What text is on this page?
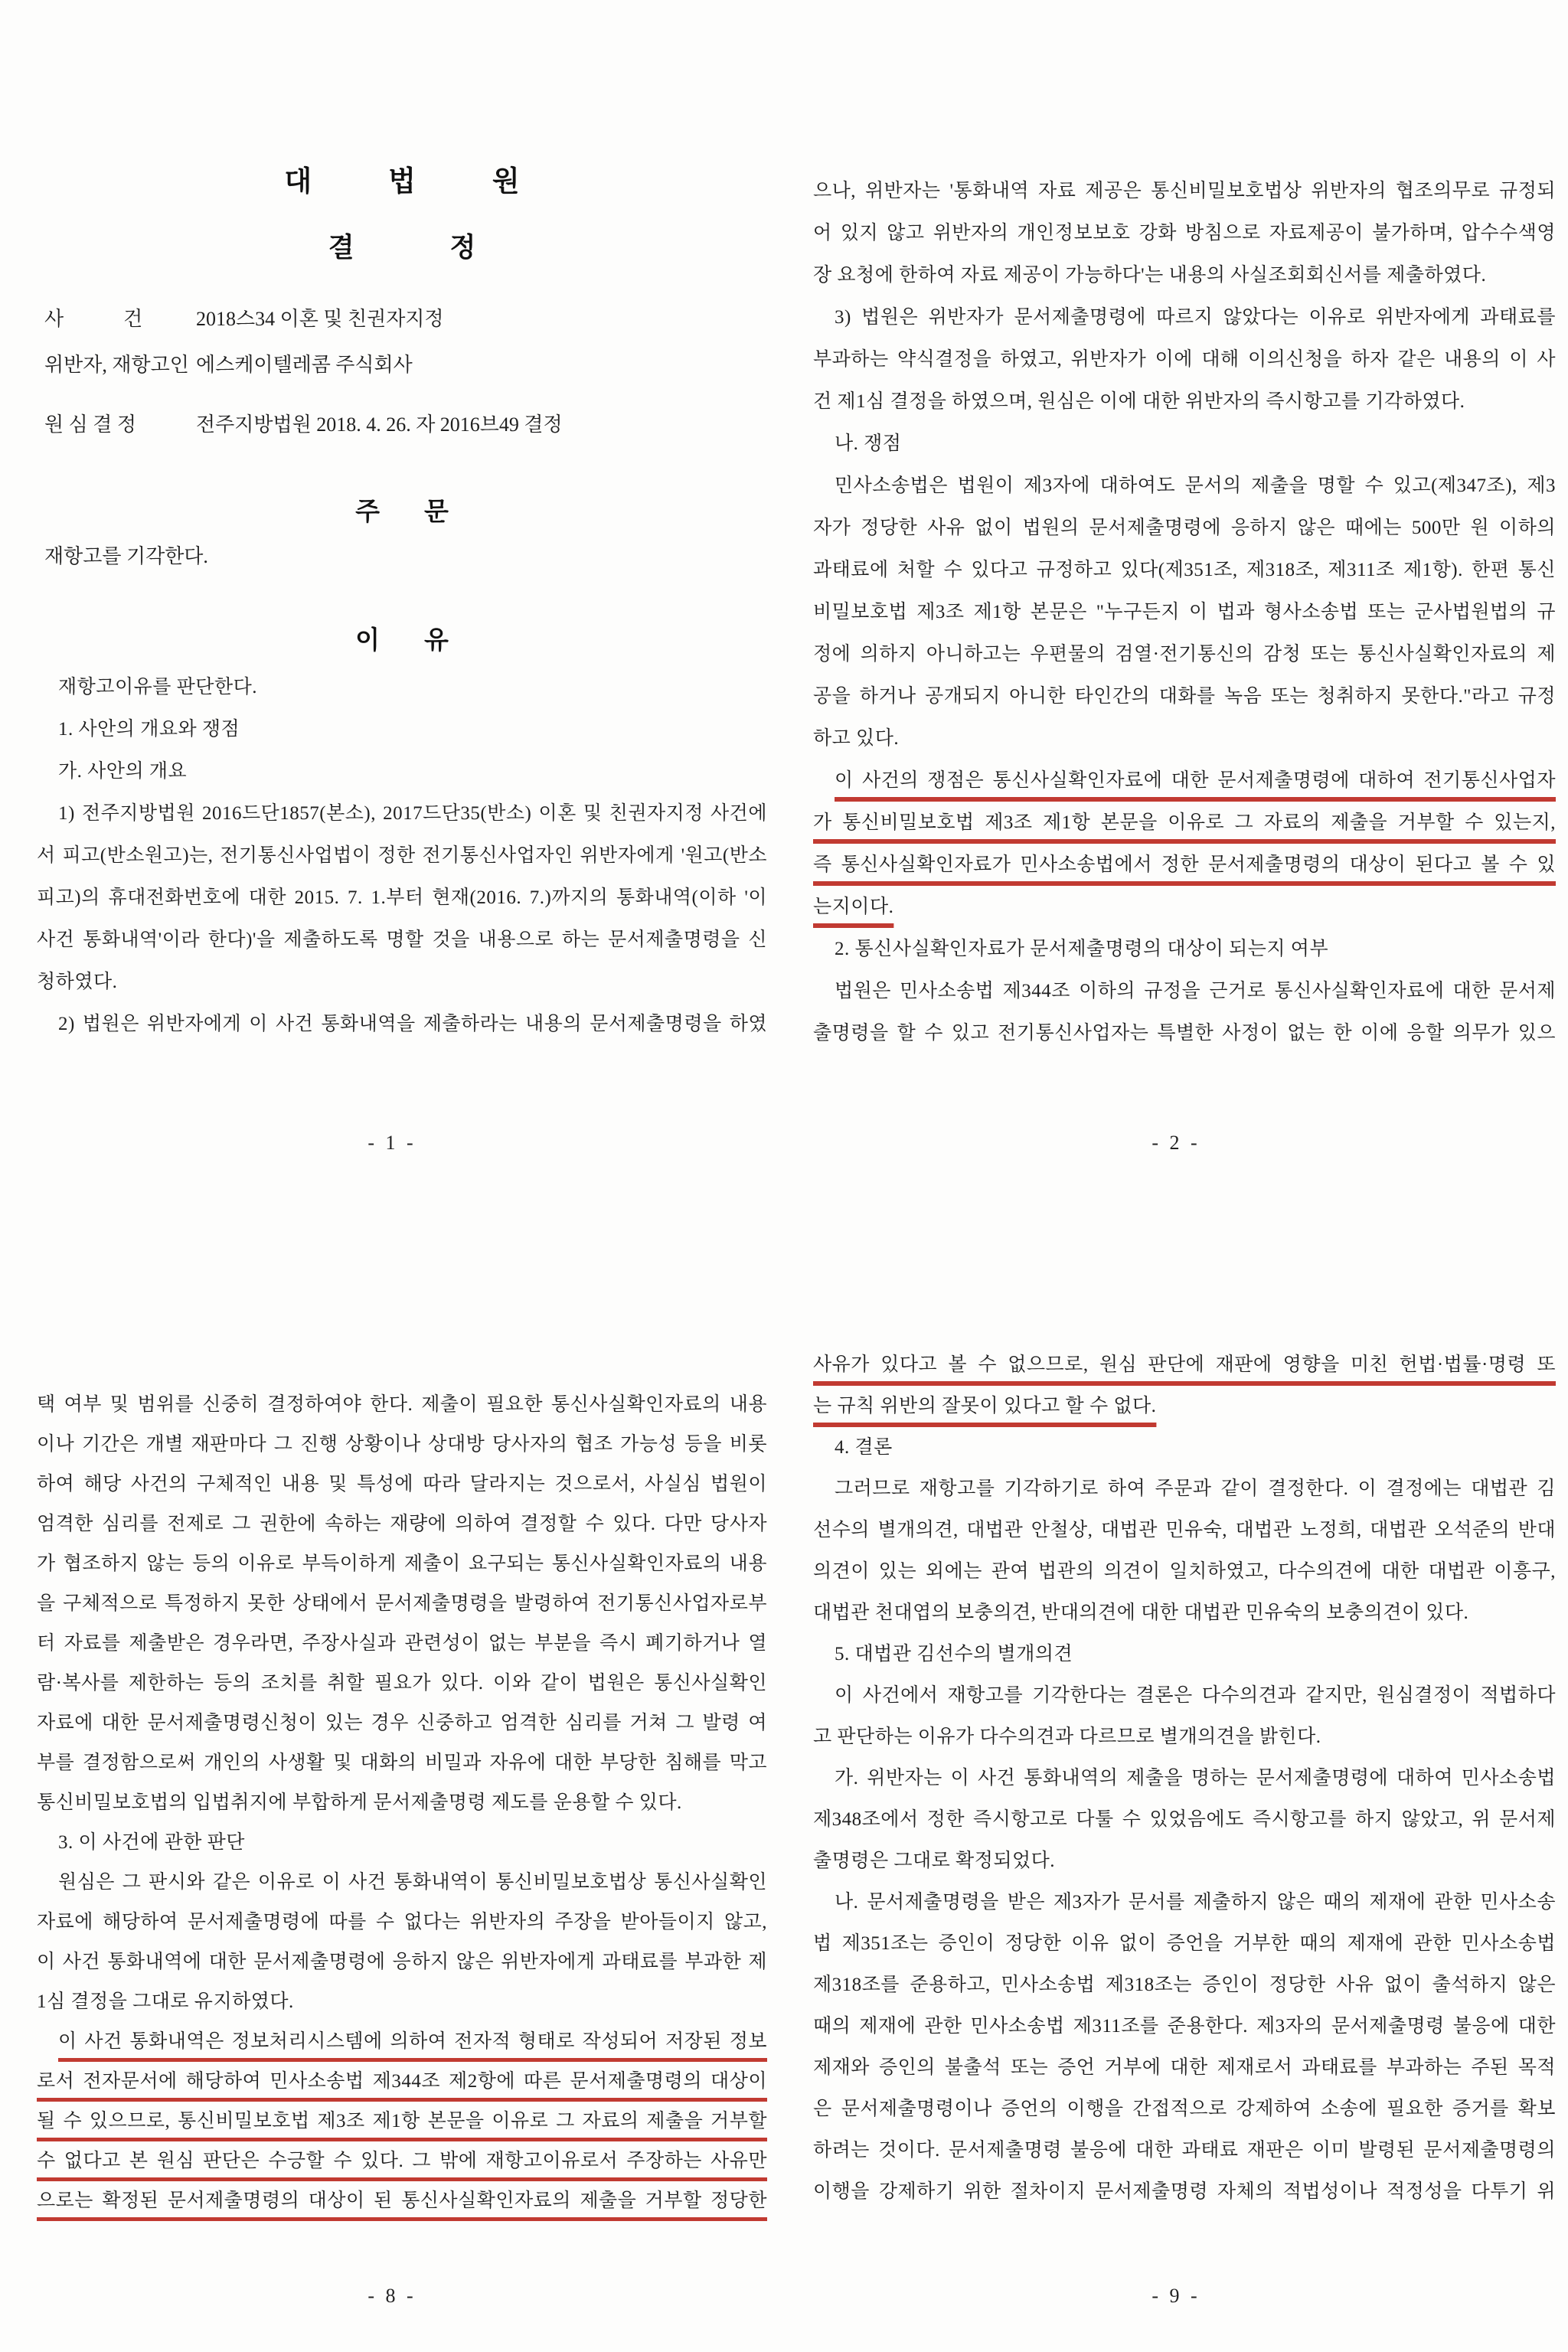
대법원
결정
사            건	2018스34 이혼 및 친권자지정
위반자, 재항고인 에스케이텔레콤 주식회사
원 심 결 정	전주지방법원 2018. 4. 26. 자 2016브49 결정
주문
재항고를 기각한다.
이유
재항고이유를 판단한다.
1. 사안의 개요와 쟁점
가. 사안의 개요
1) 전주지방법원 2016드단1857(본소), 2017드단35(반소) 이혼 및 친권자지정 사건에
서 피고(반소원고)는, 전기통신사업법이 정한 전기통신사업자인 위반자에게 '원고(반소
피고)의 휴대전화번호에 대한 2015. 7. 1.부터 현재(2016. 7.)까지의 통화내역(이하 '이
사건 통화내역'이라 한다)'을 제출하도록 명할 것을 내용으로 하는 문서제출명령을 신
청하였다.
2) 법원은 위반자에게 이 사건 통화내역을 제출하라는 내용의 문서제출명령을 하였
- 1 -
으나, 위반자는 '통화내역 자료 제공은 통신비밀보호법상 위반자의 협조의무로 규정되
어 있지 않고 위반자의 개인정보보호 강화 방침으로 자료제공이 불가하며, 압수수색영
장 요청에 한하여 자료 제공이 가능하다'는 내용의 사실조회회신서를 제출하였다.
3) 법원은 위반자가 문서제출명령에 따르지 않았다는 이유로 위반자에게 과태료를
부과하는 약식결정을 하였고, 위반자가 이에 대해 이의신청을 하자 같은 내용의 이 사
건 제1심 결정을 하였으며, 원심은 이에 대한 위반자의 즉시항고를 기각하였다.
나. 쟁점
민사소송법은 법원이 제3자에 대하여도 문서의 제출을 명할 수 있고(제347조), 제3
자가 정당한 사유 없이 법원의 문서제출명령에 응하지 않은 때에는 500만 원 이하의
과태료에 처할 수 있다고 규정하고 있다(제351조, 제318조, 제311조 제1항). 한편 통신
비밀보호법 제3조 제1항 본문은 "누구든지 이 법과 형사소송법 또는 군사법원법의 규
정에 의하지 아니하고는 우편물의 검열·전기통신의 감청 또는 통신사실확인자료의 제
공을 하거나 공개되지 아니한 타인간의 대화를 녹음 또는 청취하지 못한다."라고 규정
하고 있다.
이 사건의 쟁점은 통신사실확인자료에 대한 문서제출명령에 대하여 전기통신사업자
가 통신비밀보호법 제3조 제1항 본문을 이유로 그 자료의 제출을 거부할 수 있는지,
즉 통신사실확인자료가 민사소송법에서 정한 문서제출명령의 대상이 된다고 볼 수 있
는지이다.
2. 통신사실확인자료가 문서제출명령의 대상이 되는지 여부
법원은 민사소송법 제344조 이하의 규정을 근거로 통신사실확인자료에 대한 문서제
출명령을 할 수 있고 전기통신사업자는 특별한 사정이 없는 한 이에 응할 의무가 있으
- 2 -
택 여부 및 범위를 신중히 결정하여야 한다. 제출이 필요한 통신사실확인자료의 내용
이나 기간은 개별 재판마다 그 진행 상황이나 상대방 당사자의 협조 가능성 등을 비롯
하여 해당 사건의 구체적인 내용 및 특성에 따라 달라지는 것으로서, 사실심 법원이
엄격한 심리를 전제로 그 권한에 속하는 재량에 의하여 결정할 수 있다. 다만 당사자
가 협조하지 않는 등의 이유로 부득이하게 제출이 요구되는 통신사실확인자료의 내용
을 구체적으로 특정하지 못한 상태에서 문서제출명령을 발령하여 전기통신사업자로부
터 자료를 제출받은 경우라면, 주장사실과 관련성이 없는 부분을 즉시 폐기하거나 열
람·복사를 제한하는 등의 조치를 취할 필요가 있다. 이와 같이 법원은 통신사실확인
자료에 대한 문서제출명령신청이 있는 경우 신중하고 엄격한 심리를 거쳐 그 발령 여
부를 결정함으로써 개인의 사생활 및 대화의 비밀과 자유에 대한 부당한 침해를 막고
통신비밀보호법의 입법취지에 부합하게 문서제출명령 제도를 운용할 수 있다.
3. 이 사건에 관한 판단
원심은 그 판시와 같은 이유로 이 사건 통화내역이 통신비밀보호법상 통신사실확인
자료에 해당하여 문서제출명령에 따를 수 없다는 위반자의 주장을 받아들이지 않고,
이 사건 통화내역에 대한 문서제출명령에 응하지 않은 위반자에게 과태료를 부과한 제
1심 결정을 그대로 유지하였다.
이 사건 통화내역은 정보처리시스템에 의하여 전자적 형태로 작성되어 저장된 정보
로서 전자문서에 해당하여 민사소송법 제344조 제2항에 따른 문서제출명령의 대상이
될 수 있으므로, 통신비밀보호법 제3조 제1항 본문을 이유로 그 자료의 제출을 거부할
수 없다고 본 원심 판단은 수긍할 수 있다. 그 밖에 재항고이유로서 주장하는 사유만
으로는 확정된 문서제출명령의 대상이 된 통신사실확인자료의 제출을 거부할 정당한
- 8 -
사유가 있다고 볼 수 없으므로, 원심 판단에 재판에 영향을 미친 헌법·법률·명령 또
는 규칙 위반의 잘못이 있다고 할 수 없다.
4. 결론
그러므로 재항고를 기각하기로 하여 주문과 같이 결정한다. 이 결정에는 대법관 김
선수의 별개의견, 대법관 안철상, 대법관 민유숙, 대법관 노정희, 대법관 오석준의 반대
의견이 있는 외에는 관여 법관의 의견이 일치하였고, 다수의견에 대한 대법관 이흥구,
대법관 천대엽의 보충의견, 반대의견에 대한 대법관 민유숙의 보충의견이 있다.
5. 대법관 김선수의 별개의견
이 사건에서 재항고를 기각한다는 결론은 다수의견과 같지만, 원심결정이 적법하다
고 판단하는 이유가 다수의견과 다르므로 별개의견을 밝힌다.
가. 위반자는 이 사건 통화내역의 제출을 명하는 문서제출명령에 대하여 민사소송법
제348조에서 정한 즉시항고로 다툴 수 있었음에도 즉시항고를 하지 않았고, 위 문서제
출명령은 그대로 확정되었다.
나. 문서제출명령을 받은 제3자가 문서를 제출하지 않은 때의 제재에 관한 민사소송
법 제351조는 증인이 정당한 이유 없이 증언을 거부한 때의 제재에 관한 민사소송법
제318조를 준용하고, 민사소송법 제318조는 증인이 정당한 사유 없이 출석하지 않은
때의 제재에 관한 민사소송법 제311조를 준용한다. 제3자의 문서제출명령 불응에 대한
제재와 증인의 불출석 또는 증언 거부에 대한 제재로서 과태료를 부과하는 주된 목적
은 문서제출명령이나 증언의 이행을 간접적으로 강제하여 소송에 필요한 증거를 확보
하려는 것이다. 문서제출명령 불응에 대한 과태료 재판은 이미 발령된 문서제출명령의
이행을 강제하기 위한 절차이지 문서제출명령 자체의 적법성이나 적정성을 다투기 위
- 9 -
